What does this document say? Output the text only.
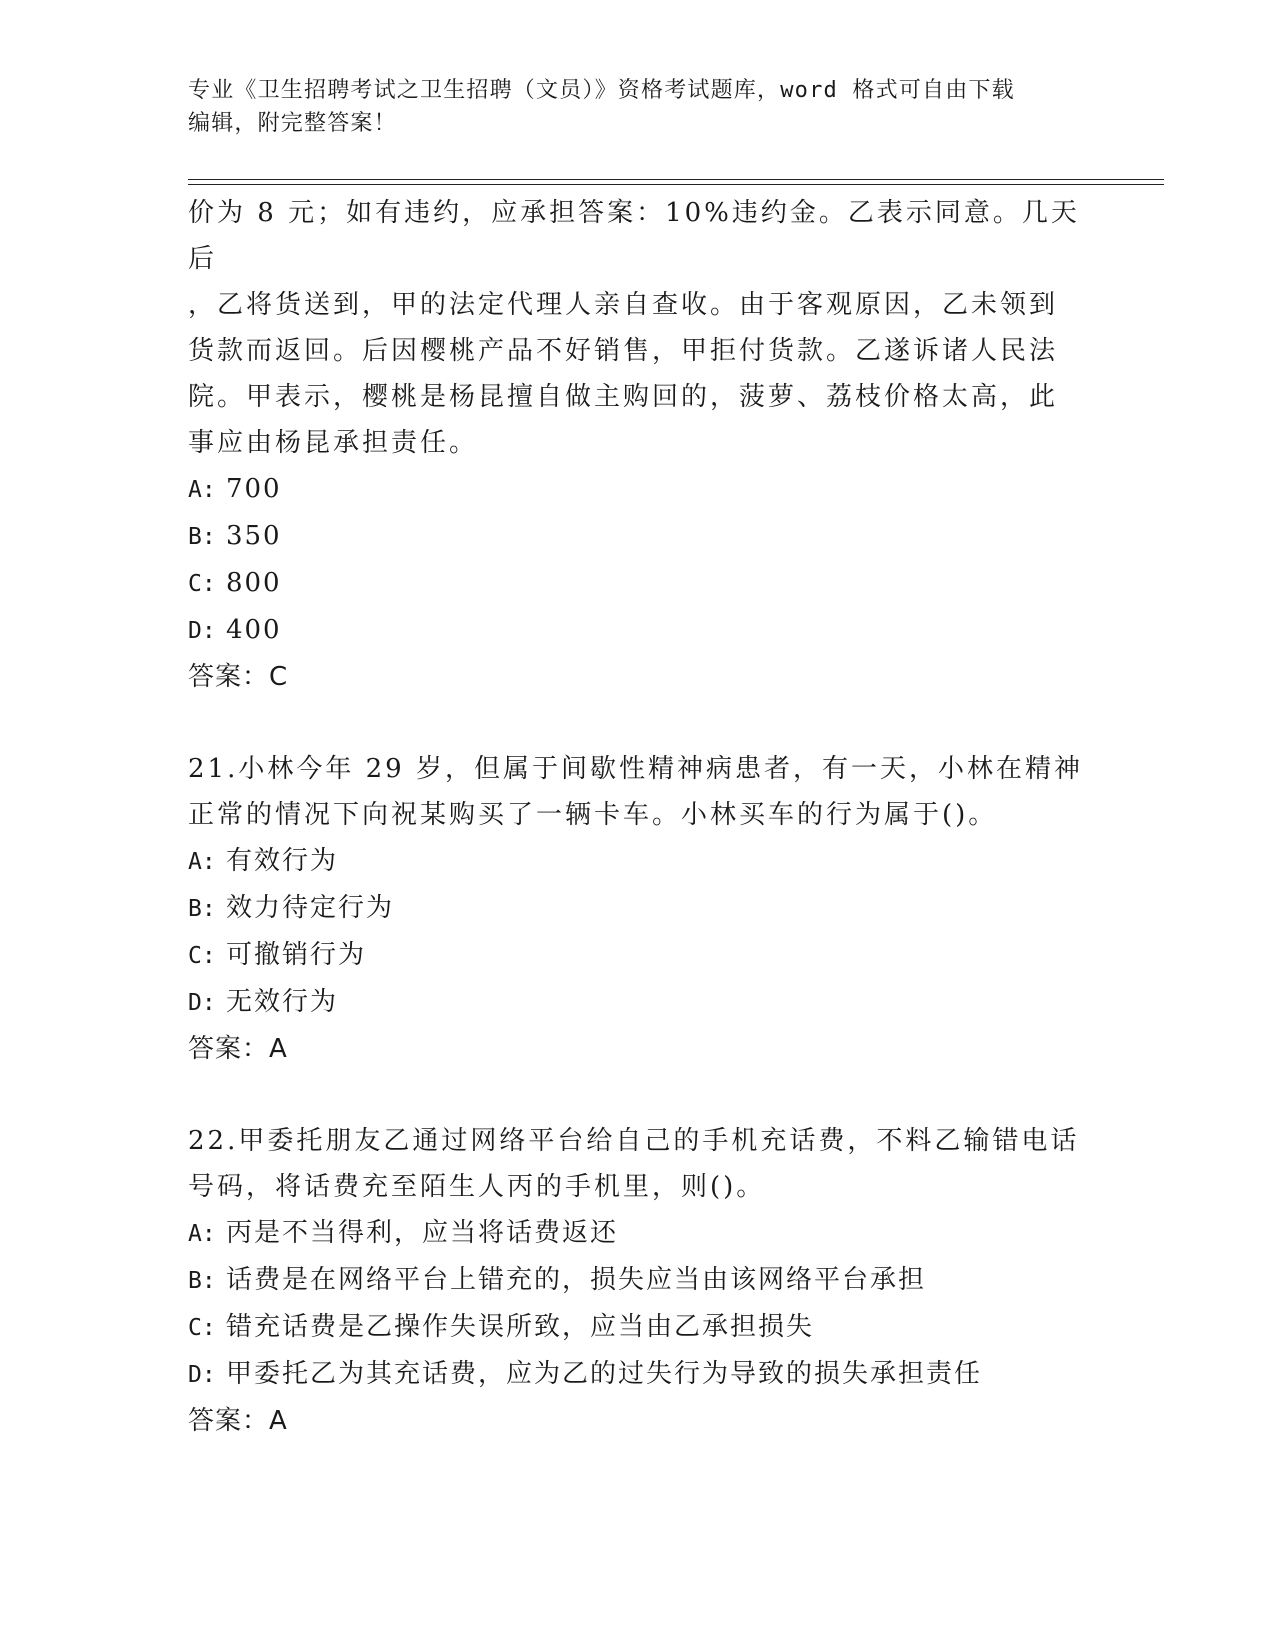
专业《卫生招聘考试之卫生招聘（文员）》资格考试题库，word 格式可自由下载
编辑，附完整答案！

价为 8 元；如有违约，应承担答案：10%违约金。乙表示同意。几天后

，乙将货送到，甲的法定代理人亲自查收。由于客观原因，乙未领到

货款而返回。后因樱桃产品不好销售，甲拒付货款。乙遂诉诸人民法

院。甲表示，樱桃是杨昆擅自做主购回的，菠萝、荔枝价格太高，此

事应由杨昆承担责任。

A: 700

B: 350

C: 800

D: 400

答案：C

21.小林今年 29 岁，但属于间歇性精神病患者，有一天，小林在精神

正常的情况下向祝某购买了一辆卡车。小林买车的行为属于()。

A: 有效行为

B: 效力待定行为

C: 可撤销行为

D: 无效行为

答案：A

22.甲委托朋友乙通过网络平台给自己的手机充话费，不料乙输错电话

号码，将话费充至陌生人丙的手机里，则()。

A: 丙是不当得利，应当将话费返还

B: 话费是在网络平台上错充的，损失应当由该网络平台承担

C: 错充话费是乙操作失误所致，应当由乙承担损失

D: 甲委托乙为其充话费，应为乙的过失行为导致的损失承担责任

答案：A
